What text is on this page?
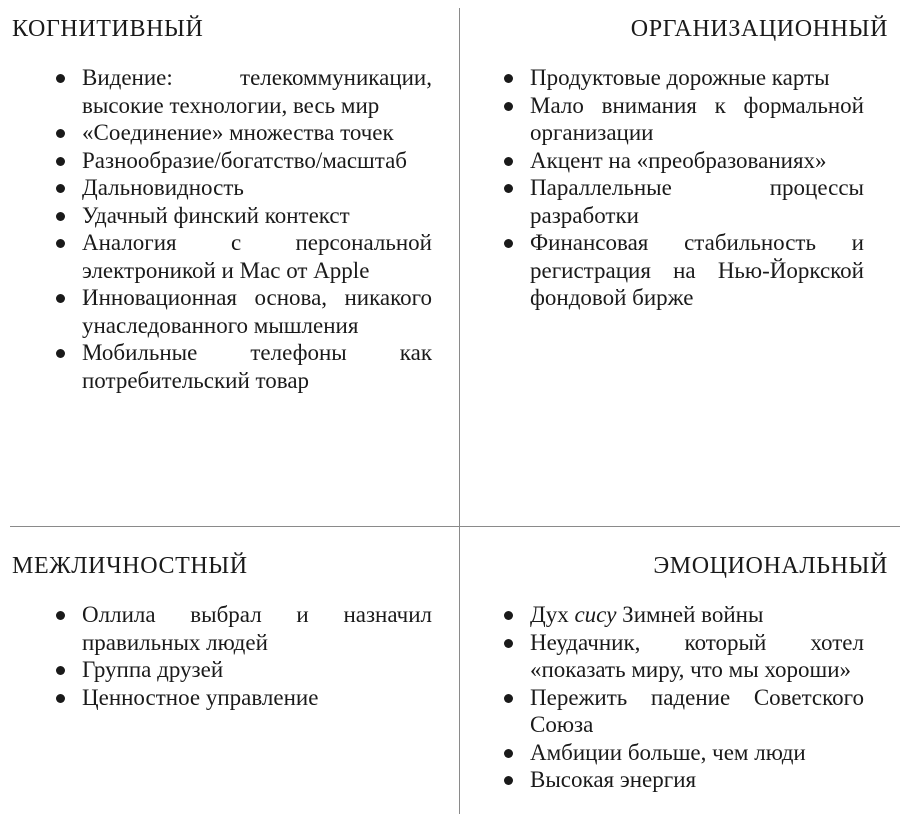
КОГНИТИВНЫЙ
Видение: телекоммуникации, высокие технологии, весь мир
«Соединение» множества точек
Разнообразие/богатство/масштаб
Дальновидность
Удачный финский контекст
Аналогия с персональной электроникой и Mac от Apple
Инновационная основа, никакого унаследованного мышления
Мобильные телефоны как потребительский товар
ОРГАНИЗАЦИОННЫЙ
Продуктовые дорожные карты
Мало внимания к формальной организации
Акцент на «преобразованиях»
Параллельные процессы разработки
Финансовая стабильность и регистрация на Нью-Йоркской фондовой бирже
МЕЖЛИЧНОСТНЫЙ
Оллила выбрал и назначил правильных людей
Группа друзей
Ценностное управление
ЭМОЦИОНАЛЬНЫЙ
Дух сису Зимней войны
Неудачник, который хотел «показать миру, что мы хороши»
Пережить падение Советского Союза
Амбиции больше, чем люди
Высокая энергия
